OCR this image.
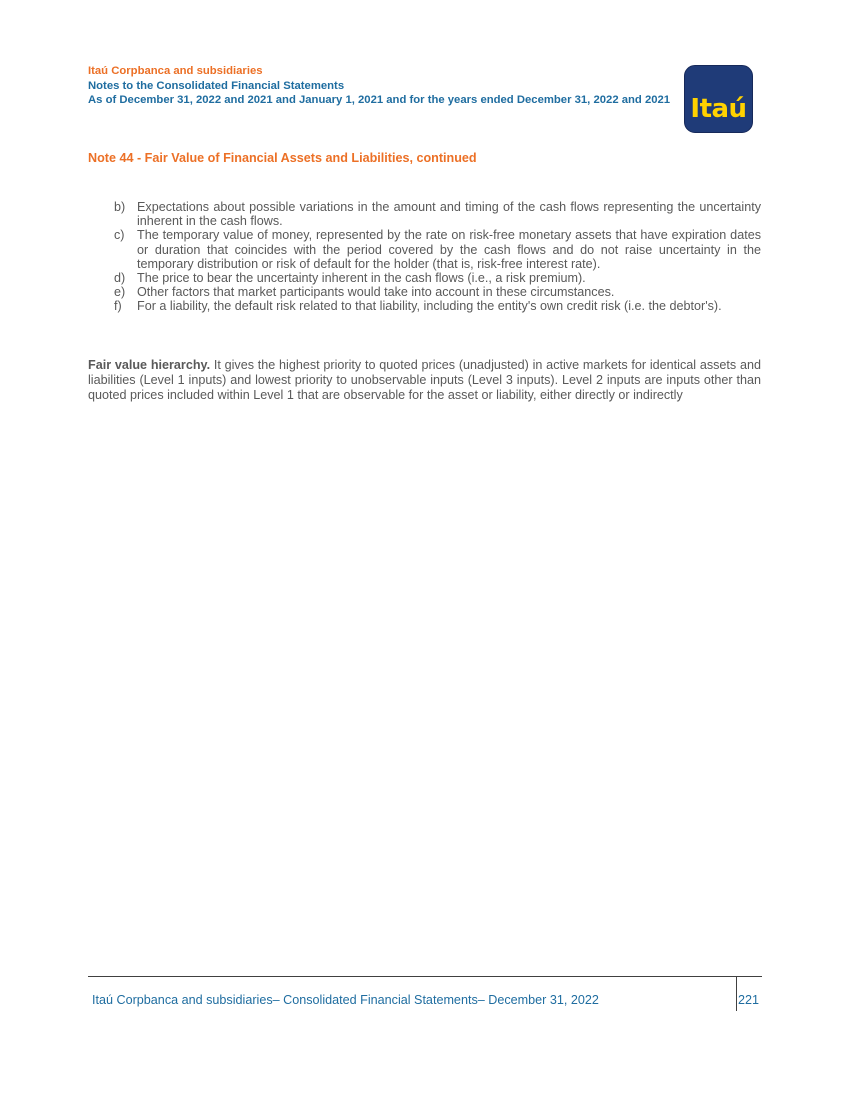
Itaú Corpbanca and subsidiaries
Notes to the Consolidated Financial Statements
As of December 31, 2022 and 2021 and January 1, 2021 and for the years ended December 31, 2022 and 2021 Itaú
Note 44 - Fair Value of Financial Assets and Liabilities, continued
b) Expectations about possible variations in the amount and timing of the cash flows representing the uncertainty inherent in the cash flows.
c) The temporary value of money, represented by the rate on risk-free monetary assets that have expiration dates or duration that coincides with the period covered by the cash flows and do not raise uncertainty in the temporary distribution or risk of default for the holder (that is, risk-free interest rate).
d) The price to bear the uncertainty inherent in the cash flows (i.e., a risk premium).
e) Other factors that market participants would take into account in these circumstances.
f)	For a liability, the default risk related to that liability, including the entity's own credit risk (i.e. the debtor's).

Fair value hierarchy. It gives the highest priority to quoted prices (unadjusted) in active markets for identical assets and liabilities (Level 1 inputs) and lowest priority to unobservable inputs (Level 3 inputs). Level 2 inputs are inputs other than quoted prices included within Level 1 that are observable for the asset or liability, either directly or indirectly

Itaú Corpbanca and subsidiaries– Consolidated Financial Statements– December 31, 2022	221
